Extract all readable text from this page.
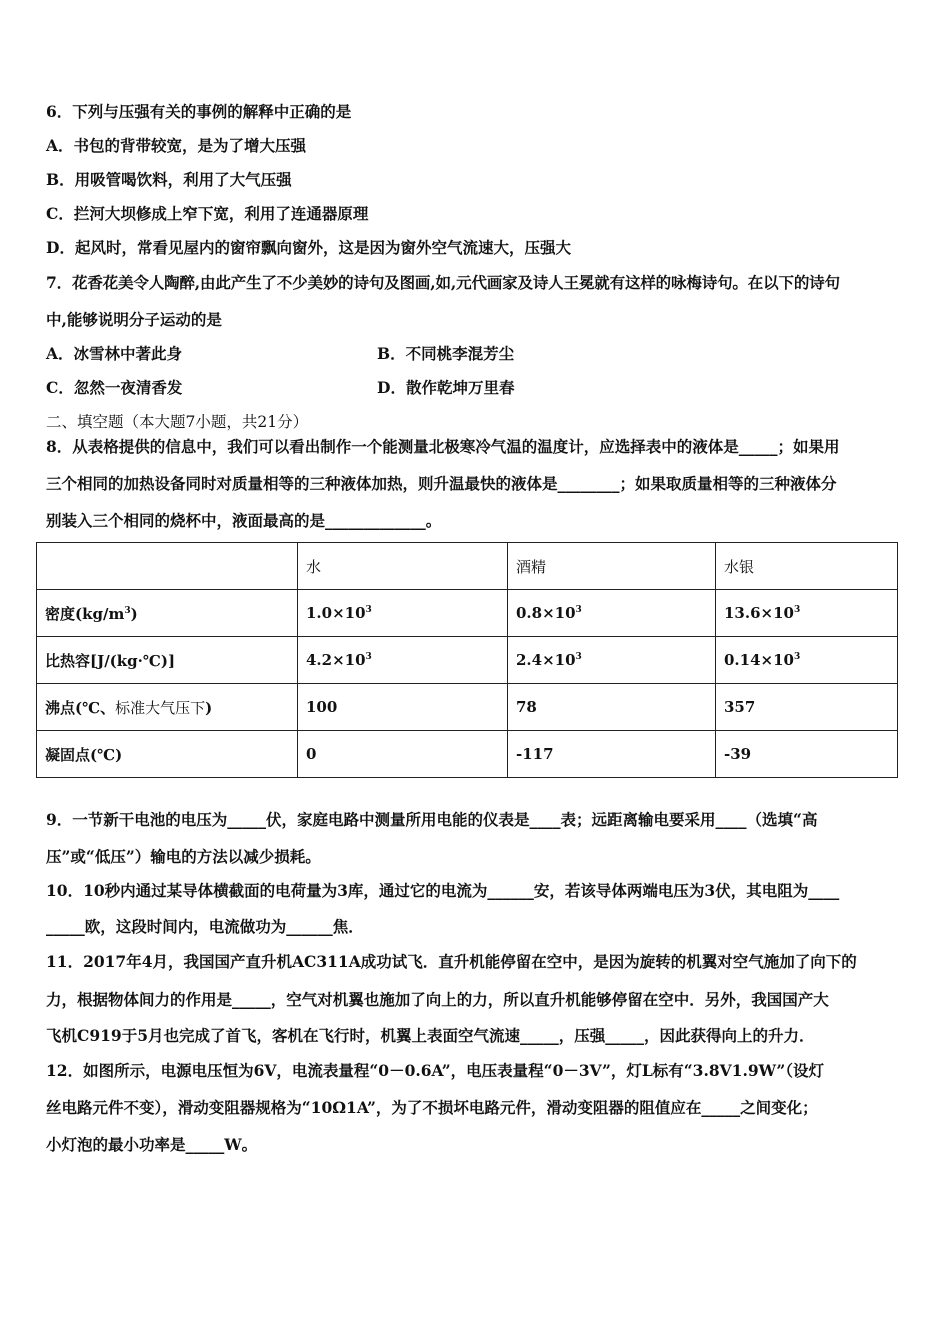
6．下列与压强有关的事例的解释中正确的是
A．书包的背带较宽，是为了增大压强
B．用吸管喝饮料，利用了大气压强
C．拦河大坝修成上窄下宽，利用了连通器原理
D．起风时，常看见屋内的窗帘飘向窗外，这是因为窗外空气流速大，压强大
7．花香花美令人陶醉,由此产生了不少美妙的诗句及图画,如,元代画家及诗人王冕就有这样的咏梅诗句。在以下的诗句
中,能够说明分子运动的是
A．冰雪林中著此身	B．不同桃李混芳尘
C．忽然一夜清香发	D．散作乾坤万里春
二、填空题（本大题7小题，共21分）
8．从表格提供的信息中，我们可以看出制作一个能测量北极寒冷气温的温度计，应选择表中的液体是_____；如果用
三个相同的加热设备同时对质量相等的三种液体加热，则升温最快的液体是________；如果取质量相等的三种液体分
别装入三个相同的烧杯中，液面最高的是_____________。
	水	酒精	水银
密度$(kg/m^3)$	$1.0\times 10^3$	$0.8\times 10^3$	$13.6\times 10^3$
比热容[J/(kg·℃)]	$4.2\times 10^3$	$2.4\times 10^3$	$0.14\times 10^3$
沸点(℃、标准大气压下)	100	78	357
凝固点(℃)	0	-117	-39
9．一节新干电池的电压为_____伏，家庭电路中测量所用电能的仪表是____表；远距离输电要采用____（选填“高
压”或“低压”）输电的方法以减少损耗。
10．10秒内通过某导体横截面的电荷量为3库，通过它的电流为______安，若该导体两端电压为3伏，其电阻为____
_____欧，这段时间内，电流做功为______焦．
11．2017年4月，我国国产直升机AC311A成功试飞．直升机能停留在空中，是因为旋转的机翼对空气施加了向下的
力，根据物体间力的作用是_____，空气对机翼也施加了向上的力，所以直升机能够停留在空中．另外，我国国产大
飞机C919于5月也完成了首飞，客机在飞行时，机翼上表面空气流速_____，压强_____，因此获得向上的升力．
12．如图所示，电源电压恒为6V，电流表量程“0－0.6A”，电压表量程“0－3V”，灯L标有“3.8V1.9W”（设灯
丝电路元件不变），滑动变阻器规格为“10Ω1A”，为了不损坏电路元件，滑动变阻器的阻值应在_____之间变化；
小灯泡的最小功率是_____W。
